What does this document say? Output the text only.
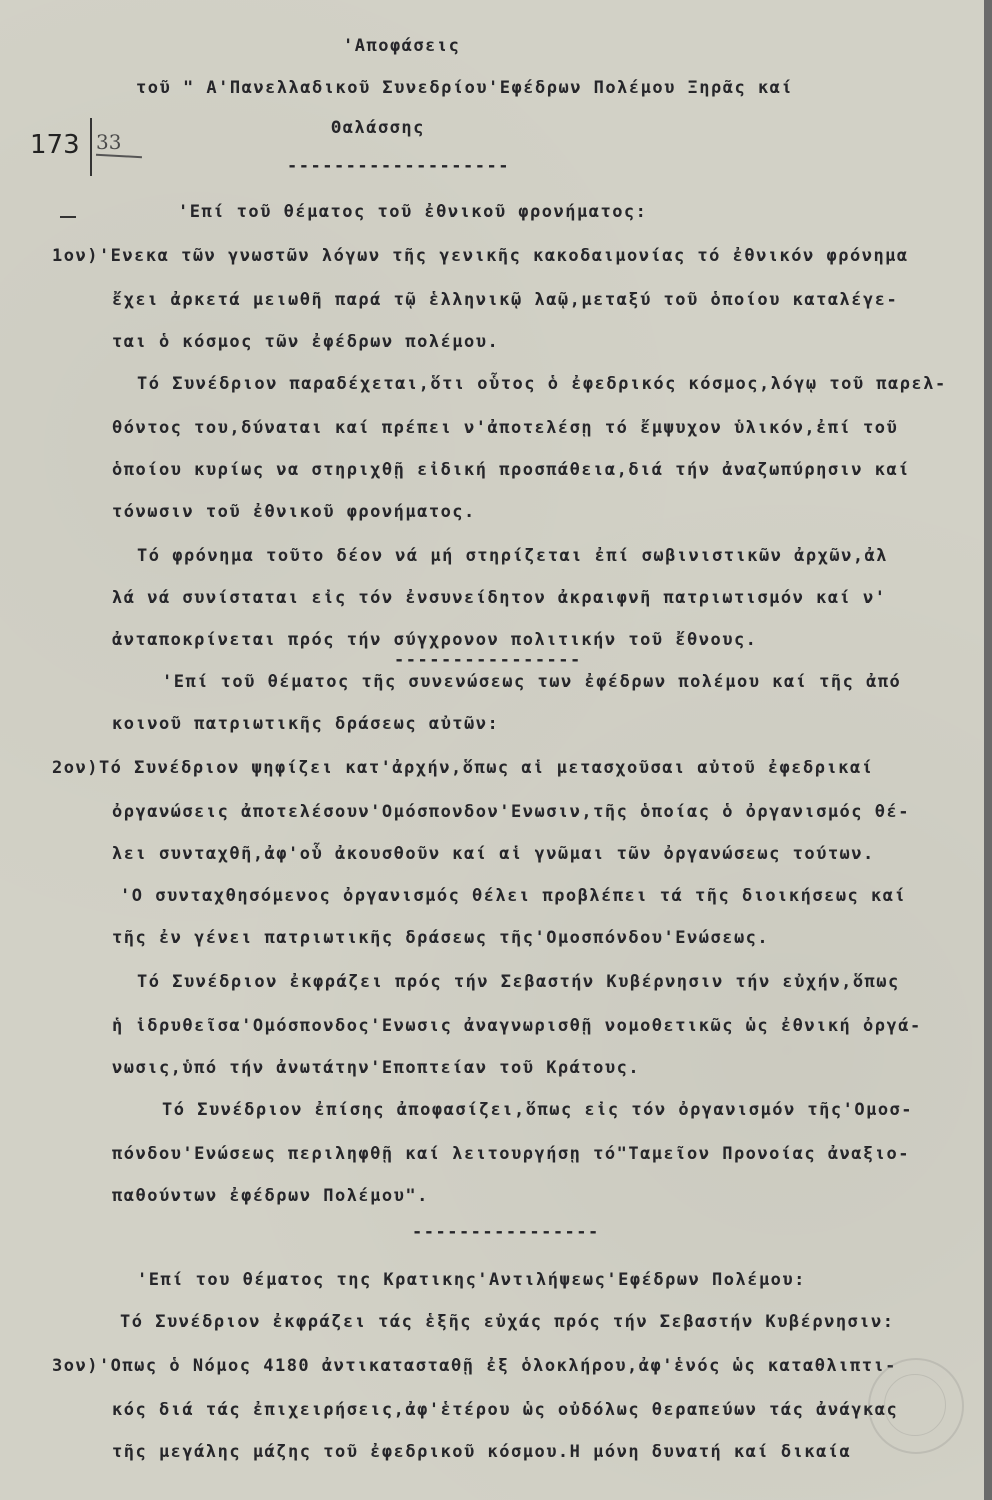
173 33
'Αποφάσεις
τοῦ " Α'Πανελλαδικοῦ Συνεδρίου'Εφέδρων Πολέμου Ξηρᾶς καί
Θαλάσσης
-------------------
'Επί τοῦ θέματος τοῦ ἐθνικοῦ φρονήματος:
1ον)'Ενεκα τῶν γνωστῶν λόγων τῆς γενικῆς κακοδαιμονίας τό ἐθνικόν φρόνημα
ἔχει ἀρκετά μειωθῆ παρά τῷ ἑλληνικῷ λαῷ,μεταξύ τοῦ ὁποίου καταλέγε-
ται ὁ κόσμος τῶν ἐφέδρων πολέμου.
Τό Συνέδριον παραδέχεται,ὅτι οὗτος ὁ ἐφεδρικός κόσμος,λόγῳ τοῦ παρελ-
θόντος του,δύναται καί πρέπει ν'ἀποτελέσῃ τό ἔμψυχον ὑλικόν,ἐπί τοῦ
ὁποίου κυρίως να στηριχθῇ εἰδική προσπάθεια,διά τήν ἀναζωπύρησιν καί
τόνωσιν τοῦ ἐθνικοῦ φρονήματος.
Τό φρόνημα τοῦτο δέον νά μή στηρίζεται ἐπί σωβινιστικῶν ἀρχῶν,ἀλ
λά νά συνίσταται εἰς τόν ἐνσυνείδητον ἀκραιφνῆ πατριωτισμόν καί ν'
ἀνταποκρίνεται πρός τήν σύγχρονον πολιτικήν τοῦ ἔθνους.
----------------
'Επί τοῦ θέματος τῆς συνενώσεως των ἐφέδρων πολέμου καί τῆς ἀπό
κοινοῦ πατριωτικῆς δράσεως αὐτῶν:
2ον)Τό Συνέδριον ψηφίζει κατ'ἀρχήν,ὅπως αἱ μετασχοῦσαι αὐτοῦ ἐφεδρικαί
ὀργανώσεις ἀποτελέσουν'Ομόσπονδον'Ενωσιν,τῆς ὁποίας ὁ ὀργανισμός θέ-
λει συνταχθῆ,ἀφ'οὗ ἀκουσθοῦν καί αἱ γνῶμαι τῶν ὀργανώσεως τούτων.
'Ο συνταχθησόμενος ὀργανισμός θέλει προβλέπει τά τῆς διοικήσεως καί
τῆς ἐν γένει πατριωτικῆς δράσεως τῆς'Ομοσπόνδου'Ενώσεως.
Τό Συνέδριον ἐκφράζει πρός τήν Σεβαστήν Κυβέρνησιν τήν εὐχήν,ὅπως
ἡ ἱδρυθεῖσα'Ομόσπονδος'Ενωσις ἀναγνωρισθῇ νομοθετικῶς ὡς ἐθνική ὀργά-
νωσις,ὑπό τήν ἀνωτάτην'Εποπτείαν τοῦ Κράτους.
Τό Συνέδριον ἐπίσης ἀποφασίζει,ὅπως εἰς τόν ὀργανισμόν τῆς'Ομοσ-
πόνδου'Ενώσεως περιληφθῇ καί λειτουργήσῃ τό"Ταμεῖον Προνοίας ἀναξιο-
παθούντων ἐφέδρων Πολέμου".
----------------
'Επί του θέματος της Κρατικης'Αντιλήψεως'Εφέδρων Πολέμου:
Τό Συνέδριον ἐκφράζει τάς ἑξῆς εὐχάς πρός τήν Σεβαστήν Κυβέρνησιν:
3ον)'Οπως ὁ Νόμος 4180 ἀντικατασταθῇ ἐξ ὁλοκλήρου,ἀφ'ἑνός ὡς καταθλιπτι-
κός διά τάς ἐπιχειρήσεις,ἀφ'ἑτέρου ὡς οὐδόλως θεραπεύων τάς ἀνάγκας
τῆς μεγάλης μάζης τοῦ ἐφεδρικοῦ κόσμου.Η μόνη δυνατή καί δικαία
